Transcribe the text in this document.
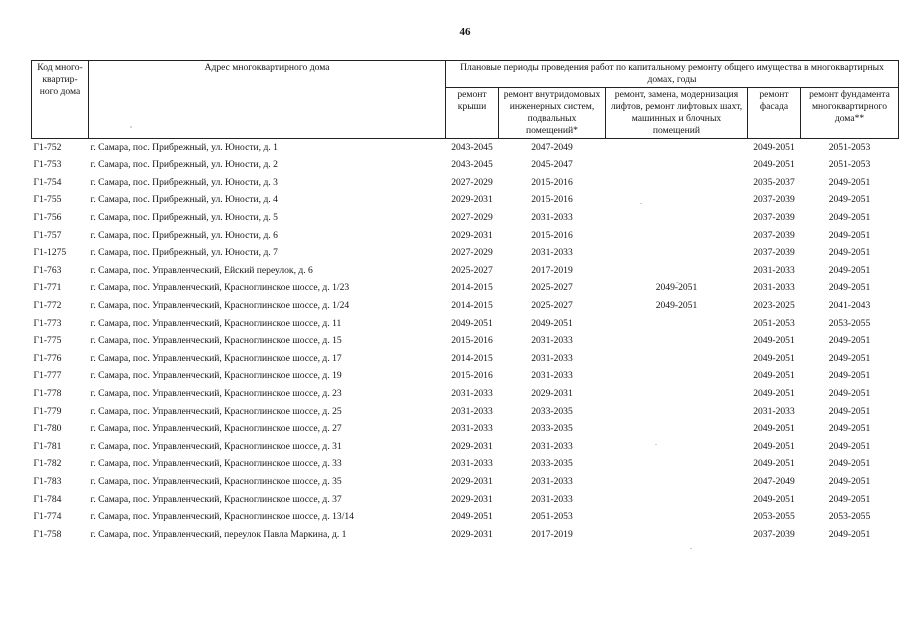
46
Код много-квартир-ного дома	Адрес многоквартирного дома	Плановые периоды проведения работ по капитальному ремонту общего имущества в многоквартирных домах, годы				
		ремонт крыши	ремонт внутридомовых инженерных систем, подвальных помещений*	ремонт, замена, модернизация лифтов, ремонт лифтовых шахт, машинных и блочных помещений	ремонт фасада	ремонт фундамента многоквартирного дома**
Г1-752	г. Самара, пос. Прибрежный, ул. Юности, д. 1	2043-2045	2047-2049		2049-2051	2051-2053
Г1-753	г. Самара, пос. Прибрежный, ул. Юности, д. 2	2043-2045	2045-2047		2049-2051	2051-2053
Г1-754	г. Самара, пос. Прибрежный, ул. Юности, д. 3	2027-2029	2015-2016		2035-2037	2049-2051
Г1-755	г. Самара, пос. Прибрежный, ул. Юности, д. 4	2029-2031	2015-2016		2037-2039	2049-2051
Г1-756	г. Самара, пос. Прибрежный, ул. Юности, д. 5	2027-2029	2031-2033		2037-2039	2049-2051
Г1-757	г. Самара, пос. Прибрежный, ул. Юности, д. 6	2029-2031	2015-2016		2037-2039	2049-2051
Г1-1275	г. Самара, пос. Прибрежный, ул. Юности, д. 7	2027-2029	2031-2033		2037-2039	2049-2051
Г1-763	г. Самара, пос. Управленческий, Ейский переулок, д. 6	2025-2027	2017-2019		2031-2033	2049-2051
Г1-771	г. Самара, пос. Управленческий, Красноглинское шоссе, д. 1/23	2014-2015	2025-2027	2049-2051	2031-2033	2049-2051
Г1-772	г. Самара, пос. Управленческий, Красноглинское шоссе, д. 1/24	2014-2015	2025-2027	2049-2051	2023-2025	2041-2043
Г1-773	г. Самара, пос. Управленческий, Красноглинское шоссе, д. 11	2049-2051	2049-2051		2051-2053	2053-2055
Г1-775	г. Самара, пос. Управленческий, Красноглинское шоссе, д. 15	2015-2016	2031-2033		2049-2051	2049-2051
Г1-776	г. Самара, пос. Управленческий, Красноглинское шоссе, д. 17	2014-2015	2031-2033		2049-2051	2049-2051
Г1-777	г. Самара, пос. Управленческий, Красноглинское шоссе, д. 19	2015-2016	2031-2033		2049-2051	2049-2051
Г1-778	г. Самара, пос. Управленческий, Красноглинское шоссе, д. 23	2031-2033	2029-2031		2049-2051	2049-2051
Г1-779	г. Самара, пос. Управленческий, Красноглинское шоссе, д. 25	2031-2033	2033-2035		2031-2033	2049-2051
Г1-780	г. Самара, пос. Управленческий, Красноглинское шоссе, д. 27	2031-2033	2033-2035		2049-2051	2049-2051
Г1-781	г. Самара, пос. Управленческий, Красноглинское шоссе, д. 31	2029-2031	2031-2033		2049-2051	2049-2051
Г1-782	г. Самара, пос. Управленческий, Красноглинское шоссе, д. 33	2031-2033	2033-2035		2049-2051	2049-2051
Г1-783	г. Самара, пос. Управленческий, Красноглинское шоссе, д. 35	2029-2031	2031-2033		2047-2049	2049-2051
Г1-784	г. Самара, пос. Управленческий, Красноглинское шоссе, д. 37	2029-2031	2031-2033		2049-2051	2049-2051
Г1-774	г. Самара, пос. Управленческий, Красноглинское шоссе, д. 13/14	2049-2051	2051-2053		2053-2055	2053-2055
Г1-758	г. Самара, пос. Управленческий, переулок Павла Маркина, д. 1	2029-2031	2017-2019		2037-2039	2049-2051
